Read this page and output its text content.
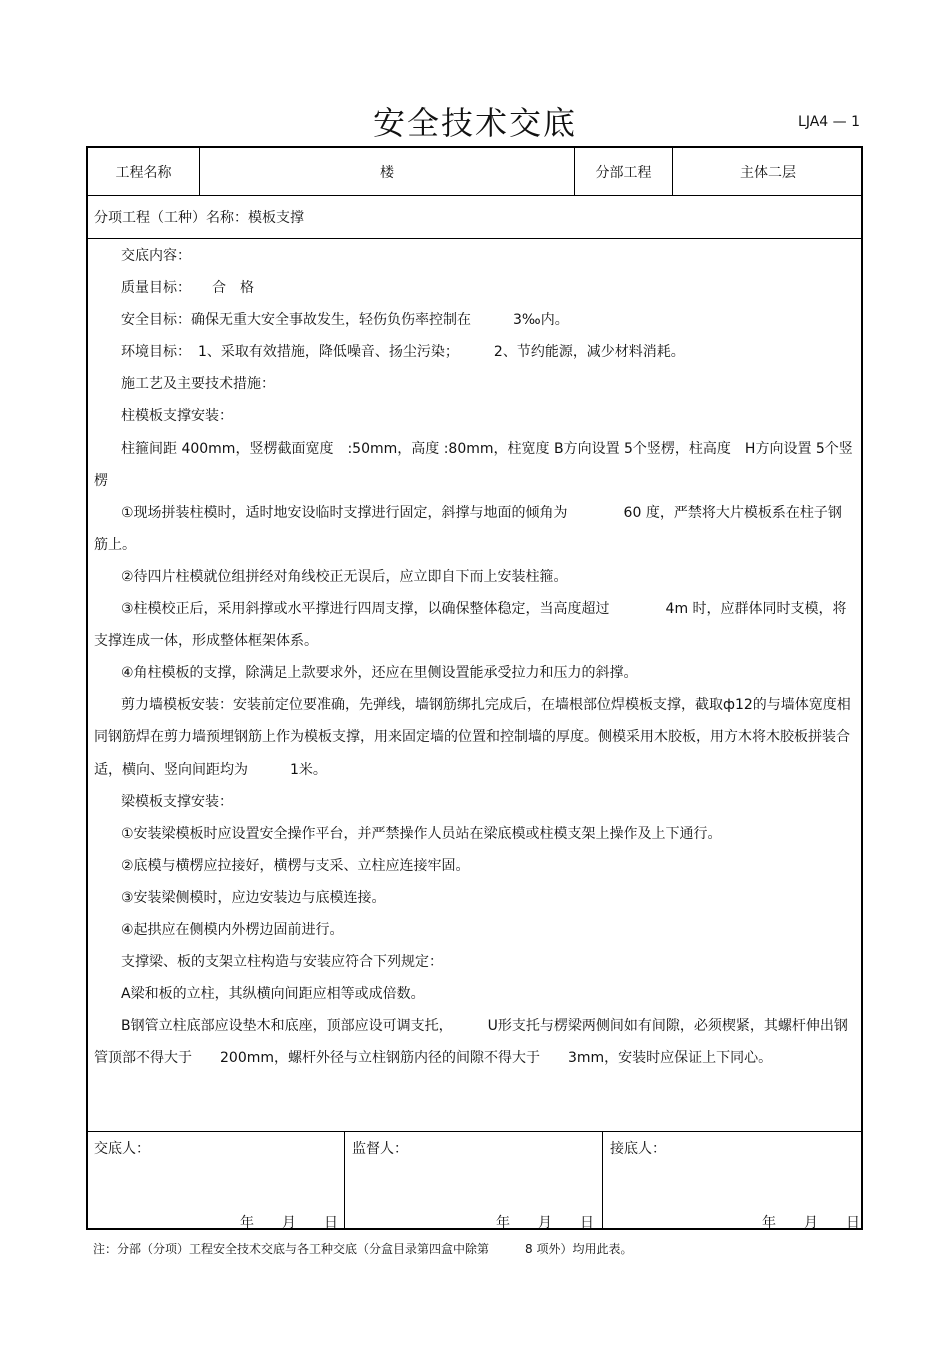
安全技术交底	LJA4 — 1
工程名称	楼	分部工程	主体二层
分项工程（工种）名称：模板支撑

交底内容：

质量目标：　　合　格

安全目标：确保无重大安全事故发生，轻伤负伤率控制在　　　3‰内。

环境目标：　1、采取有效措施，降低噪音、扬尘污染；　　　2、节约能源，减少材料消耗。

施工艺及主要技术措施：

柱模板支撑安装：

柱箍间距 400mm，竖楞截面宽度　:50mm，高度 :80mm，柱宽度 B方向设置 5个竖楞，柱高度　H方向设置 5个竖楞

①现场拼装柱模时，适时地安设临时支撑进行固定，斜撑与地面的倾角为　　　　60 度，严禁将大片模板系在柱子钢筋上。

②待四片柱模就位组拼经对角线校正无误后，应立即自下而上安装柱箍。

③柱模校正后，采用斜撑或水平撑进行四周支撑，以确保整体稳定，当高度超过　　　　4m 时，应群体同时支模，将支撑连成一体，形成整体框架体系。

④角柱模板的支撑，除满足上款要求外，还应在里侧设置能承受拉力和压力的斜撑。

剪力墙模板安装：安装前定位要准确，先弹线，墙钢筋绑扎完成后，在墙根部位焊模板支撑，截取ф12的与墙体宽度相同钢筋焊在剪力墙预埋钢筋上作为模板支撑，用来固定墙的位置和控制墙的厚度。侧模采用木胶板，用方木将木胶板拼装合适，横向、竖向间距均为　　　1米。

梁模板支撑安装：

①安装梁模板时应设置安全操作平台，并严禁操作人员站在梁底模或柱模支架上操作及上下通行。

②底模与横楞应拉接好，横楞与支采、立柱应连接牢固。

③安装梁侧模时，应边安装边与底模连接。

④起拱应在侧模内外楞边固前进行。

支撑梁、板的支架立柱构造与安装应符合下列规定：

A梁和板的立柱，其纵横向间距应相等或成倍数。

B钢管立柱底部应设垫木和底座，顶部应设可调支托，　　　U形支托与楞梁两侧间如有间隙，必须楔紧，其螺杆伸出钢管顶部不得大于　　200mm，螺杆外径与立柱钢筋内径的间隙不得大于　　3mm，安装时应保证上下同心。

交底人：	监督人：	接底人：
年　　月　　日	年　　月　　日	年　　月　　日
注：分部（分项）工程安全技术交底与各工种交底（分盒目录第四盒中除第　　　8 项外）均用此表。
